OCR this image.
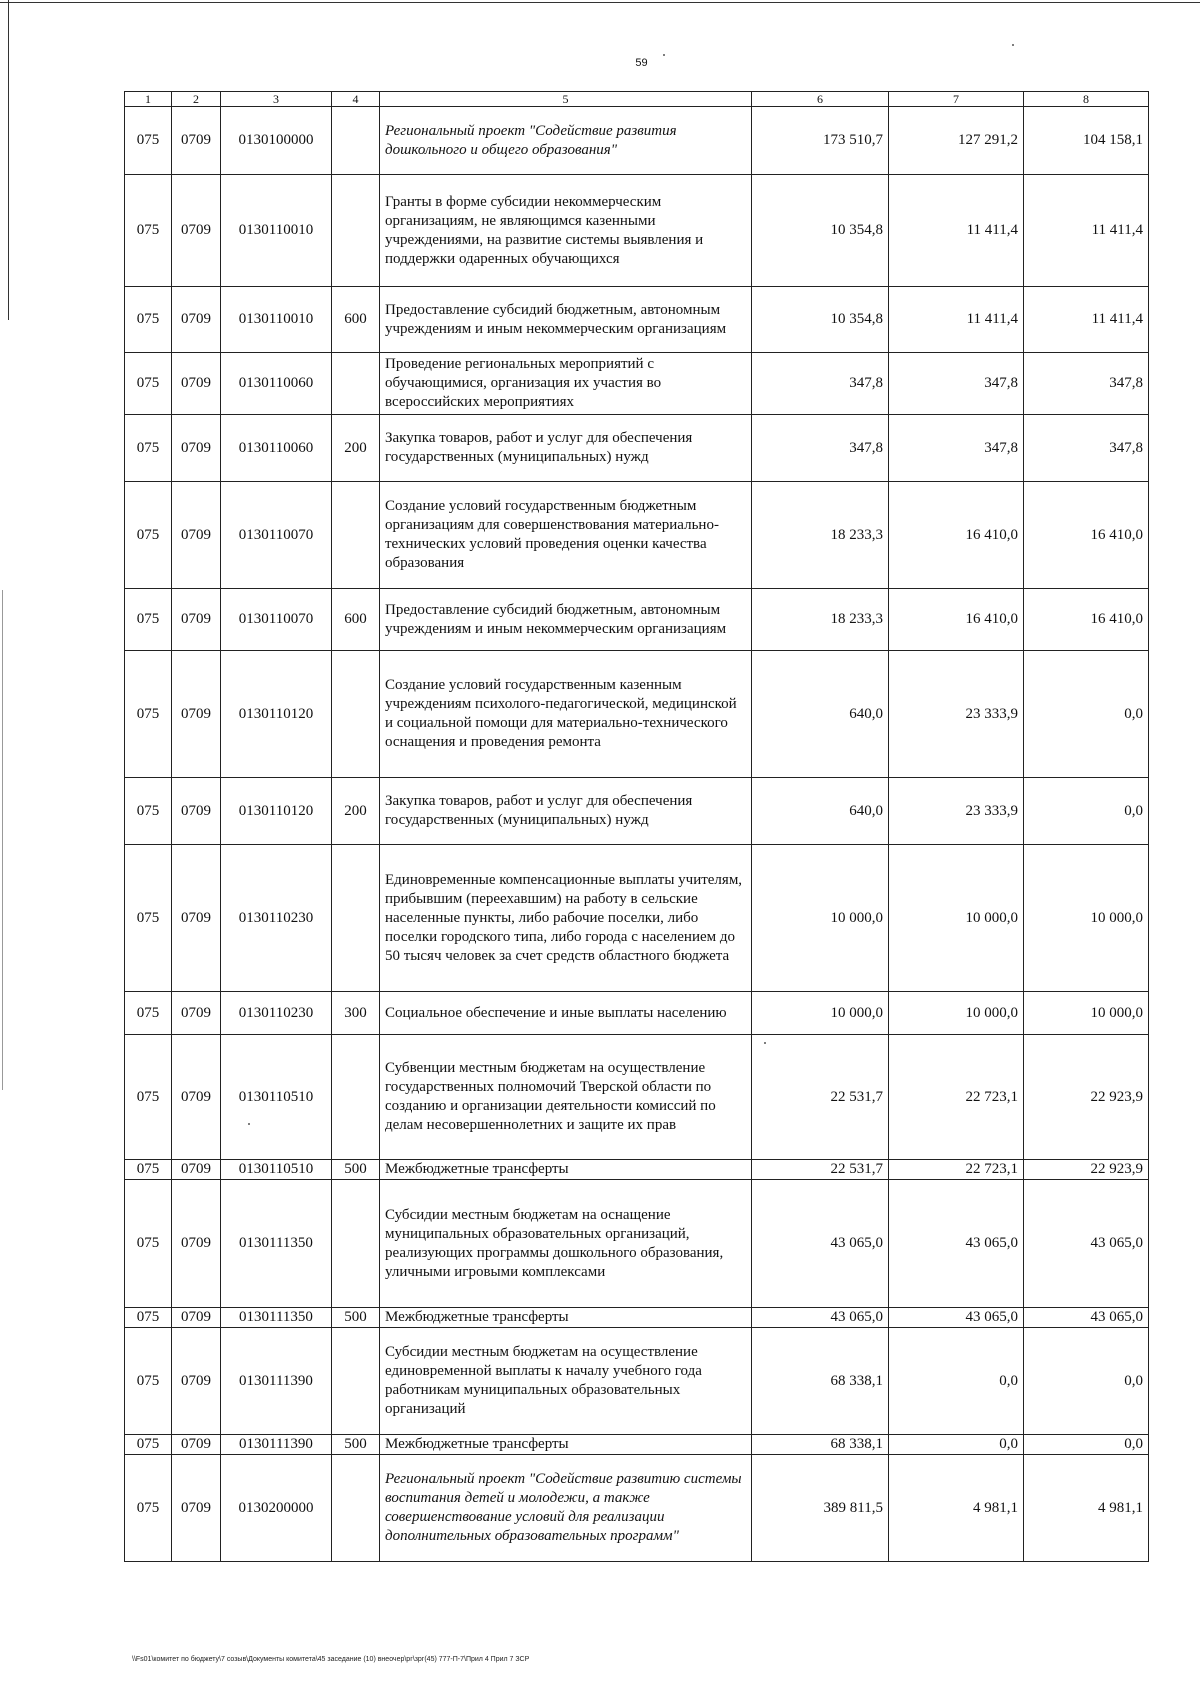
59
1	2	3	4	5	6	7	8
075	0709	0130100000		Региональный проект "Содействие развития дошкольного и общего образования"	173 510,7	127 291,2	104 158,1
075	0709	0130110010		Гранты в форме субсидии некоммерческим организациям, не являющимся казенными учреждениями, на развитие системы выявления и поддержки одаренных обучающихся	10 354,8	11 411,4	11 411,4
075	0709	0130110010	600	Предоставление субсидий бюджетным, автономным учреждениям и иным некоммерческим организациям	10 354,8	11 411,4	11 411,4
075	0709	0130110060		Проведение региональных мероприятий с обучающимися, организация их участия во всероссийских мероприятиях	347,8	347,8	347,8
075	0709	0130110060	200	Закупка товаров, работ и услуг для обеспечения государственных (муниципальных) нужд	347,8	347,8	347,8
075	0709	0130110070		Создание условий государственным бюджетным организациям для совершенствования материально-технических условий проведения оценки качества образования	18 233,3	16 410,0	16 410,0
075	0709	0130110070	600	Предоставление субсидий бюджетным, автономным учреждениям и иным некоммерческим организациям	18 233,3	16 410,0	16 410,0
075	0709	0130110120		Создание условий государственным казенным учреждениям психолого-педагогической, медицинской и социальной помощи для материально-технического оснащения и проведения ремонта	640,0	23 333,9	0,0
075	0709	0130110120	200	Закупка товаров, работ и услуг для обеспечения государственных (муниципальных) нужд	640,0	23 333,9	0,0
075	0709	0130110230		Единовременные компенсационные выплаты учителям, прибывшим (переехавшим) на работу в сельские населенные пункты, либо рабочие поселки, либо поселки городского типа, либо города с населением до 50 тысяч человек за счет средств областного бюджета	10 000,0	10 000,0	10 000,0
075	0709	0130110230	300	Социальное обеспечение и иные выплаты населению	10 000,0	10 000,0	10 000,0
075	0709	0130110510		Субвенции местным бюджетам на осуществление государственных полномочий Тверской области по созданию и организации деятельности комиссий по делам несовершеннолетних и защите их прав	22 531,7	22 723,1	22 923,9
075	0709	0130110510	500	Межбюджетные трансферты	22 531,7	22 723,1	22 923,9
075	0709	0130111350		Субсидии местным бюджетам на оснащение муниципальных образовательных организаций, реализующих программы дошкольного образования, уличными игровыми комплексами	43 065,0	43 065,0	43 065,0
075	0709	0130111350	500	Межбюджетные трансферты	43 065,0	43 065,0	43 065,0
075	0709	0130111390		Субсидии местным бюджетам на осуществление единовременной выплаты к началу учебного года работникам муниципальных образовательных организаций	68 338,1	0,0	0,0
075	0709	0130111390	500	Межбюджетные трансферты	68 338,1	0,0	0,0
075	0709	0130200000		Региональный проект "Содействие развитию системы воспитания детей и молодежи, а также совершенствование условий для реализации дополнительных образовательных программ"	389 811,5	4 981,1	4 981,1
\\Fs01\комитет по бюджету\7 созыв\Документы комитета\45 заседание (10) внеочер\рг\зрг(45) 777-П-7\Прил 4 Прил 7 ЗСР
